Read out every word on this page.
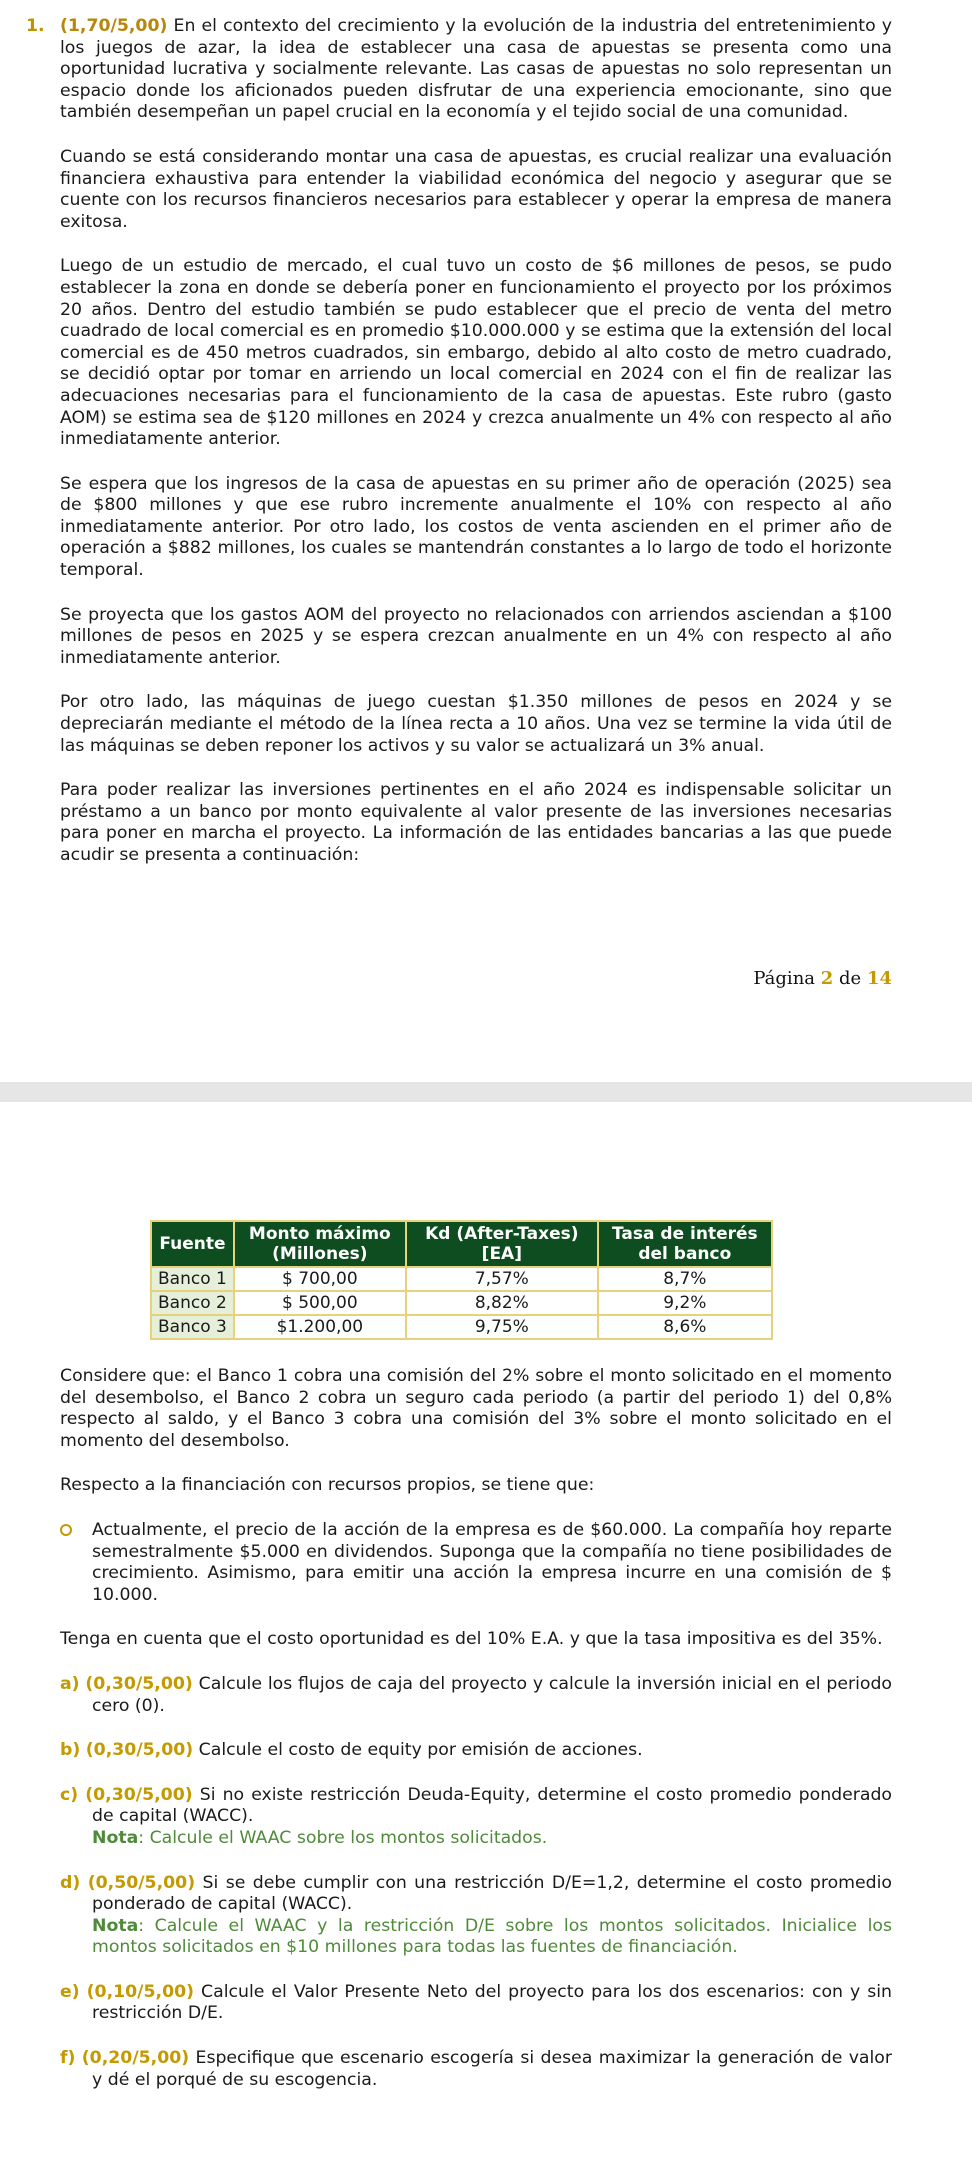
1. (1,70/5,00) En el contexto del crecimiento y la evolución de la industria del entretenimiento y los juegos de azar, la idea de establecer una casa de apuestas se presenta como una oportunidad lucrativa y socialmente relevante. Las casas de apuestas no solo representan un espacio donde los aficionados pueden disfrutar de una experiencia emocionante, sino que también desempeñan un papel crucial en la economía y el tejido social de una comunidad.

Cuando se está considerando montar una casa de apuestas, es crucial realizar una evaluación financiera exhaustiva para entender la viabilidad económica del negocio y asegurar que se cuente con los recursos financieros necesarios para establecer y operar la empresa de manera exitosa.

Luego de un estudio de mercado, el cual tuvo un costo de $6 millones de pesos, se pudo establecer la zona en donde se debería poner en funcionamiento el proyecto por los próximos 20 años. Dentro del estudio también se pudo establecer que el precio de venta del metro cuadrado de local comercial es en promedio $10.000.000 y se estima que la extensión del local comercial es de 450 metros cuadrados, sin embargo, debido al alto costo de metro cuadrado, se decidió optar por tomar en arriendo un local comercial en 2024 con el fin de realizar las adecuaciones necesarias para el funcionamiento de la casa de apuestas. Este rubro (gasto AOM) se estima sea de $120 millones en 2024 y crezca anualmente un 4% con respecto al año inmediatamente anterior.

Se espera que los ingresos de la casa de apuestas en su primer año de operación (2025) sea de $800 millones y que ese rubro incremente anualmente el 10% con respecto al año inmediatamente anterior. Por otro lado, los costos de venta ascienden en el primer año de operación a $882 millones, los cuales se mantendrán constantes a lo largo de todo el horizonte temporal.

Se proyecta que los gastos AOM del proyecto no relacionados con arriendos asciendan a $100 millones de pesos en 2025 y se espera crezcan anualmente en un 4% con respecto al año inmediatamente anterior.

Por otro lado, las máquinas de juego cuestan $1.350 millones de pesos en 2024 y se depreciarán mediante el método de la línea recta a 10 años. Una vez se termine la vida útil de las máquinas se deben reponer los activos y su valor se actualizará un 3% anual.

Para poder realizar las inversiones pertinentes en el año 2024 es indispensable solicitar un préstamo a un banco por monto equivalente al valor presente de las inversiones necesarias para poner en marcha el proyecto. La información de las entidades bancarias a las que puede acudir se presenta a continuación:

Página 2 de 14
Fuente	Monto máximo (Millones)	Kd (After-Taxes) [EA]	Tasa de interés del banco
Banco 1	$ 700,00	7,57%	8,7%
Banco 2	$ 500,00	8,82%	9,2%
Banco 3	$1.200,00	9,75%	8,6%

Considere que: el Banco 1 cobra una comisión del 2% sobre el monto solicitado en el momento del desembolso, el Banco 2 cobra un seguro cada periodo (a partir del periodo 1) del 0,8% respecto al saldo, y el Banco 3 cobra una comisión del 3% sobre el monto solicitado en el momento del desembolso.

Respecto a la financiación con recursos propios, se tiene que:

Actualmente, el precio de la acción de la empresa es de $60.000. La compañía hoy reparte semestralmente $5.000 en dividendos. Suponga que la compañía no tiene posibilidades de crecimiento. Asimismo, para emitir una acción la empresa incurre en una comisión de $ 10.000.

Tenga en cuenta que el costo oportunidad es del 10% E.A. y que la tasa impositiva es del 35%.

a) (0,30/5,00) Calcule los flujos de caja del proyecto y calcule la inversión inicial en el periodo cero (0).

b) (0,30/5,00) Calcule el costo de equity por emisión de acciones.

c) (0,30/5,00) Si no existe restricción Deuda-Equity, determine el costo promedio ponderado de capital (WACC).
Nota: Calcule el WAAC sobre los montos solicitados.

d) (0,50/5,00) Si se debe cumplir con una restricción D/E=1,2, determine el costo promedio ponderado de capital (WACC).
Nota: Calcule el WAAC y la restricción D/E sobre los montos solicitados. Inicialice los montos solicitados en $10 millones para todas las fuentes de financiación.

e) (0,10/5,00) Calcule el Valor Presente Neto del proyecto para los dos escenarios: con y sin restricción D/E.

f) (0,20/5,00) Especifique que escenario escogería si desea maximizar la generación de valor y dé el porqué de su escogencia.
